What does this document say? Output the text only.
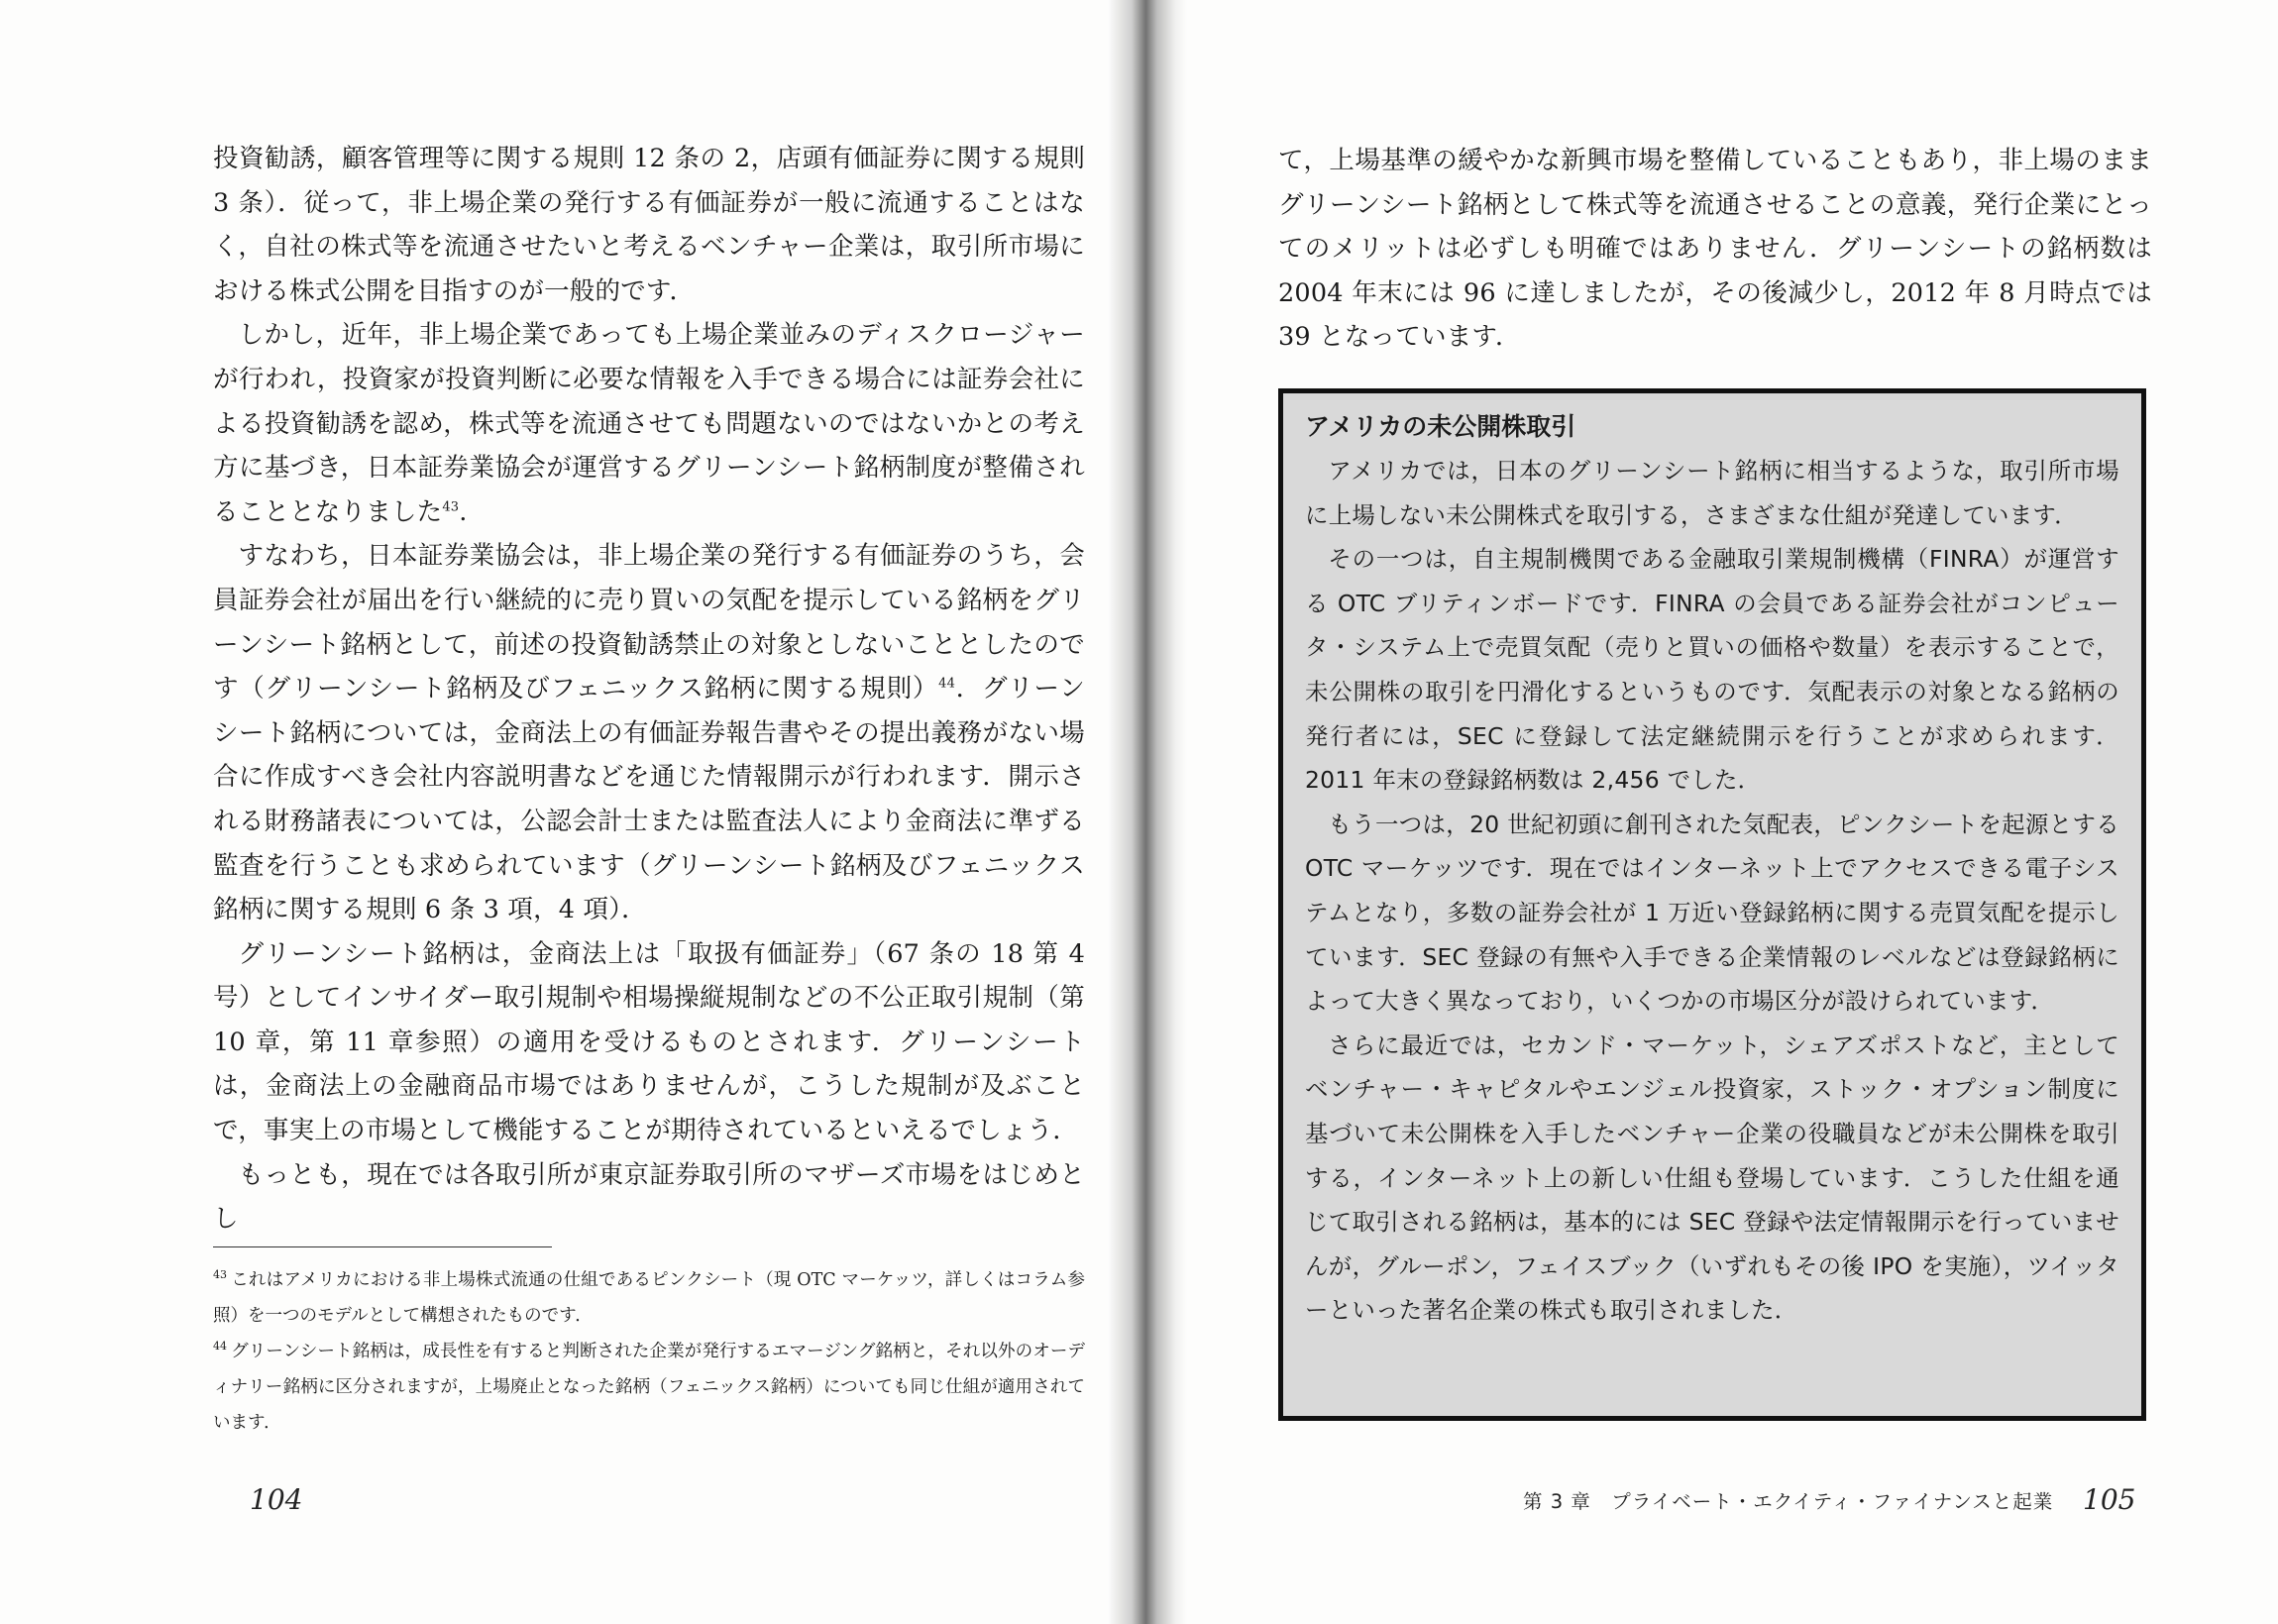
投資勧誘，顧客管理等に関する規則 12 条の 2，店頭有価証券に関する規則 3 条）．従って，非上場企業の発行する有価証券が一般に流通することはなく，自社の株式等を流通させたいと考えるベンチャー企業は，取引所市場における株式公開を目指すのが一般的です．

しかし，近年，非上場企業であっても上場企業並みのディスクロージャーが行われ，投資家が投資判断に必要な情報を入手できる場合には証券会社による投資勧誘を認め，株式等を流通させても問題ないのではないかとの考え方に基づき，日本証券業協会が運営するグリーンシート銘柄制度が整備されることとなりました$^{43}$.

すなわち，日本証券業協会は，非上場企業の発行する有価証券のうち，会員証券会社が届出を行い継続的に売り買いの気配を提示している銘柄をグリーンシート銘柄として，前述の投資勧誘禁止の対象としないこととしたのです（グリーンシート銘柄及びフェニックス銘柄に関する規則）$^{44}$．グリーンシート銘柄については，金商法上の有価証券報告書やその提出義務がない場合に作成すべき会社内容説明書などを通じた情報開示が行われます．開示される財務諸表については，公認会計士または監査法人により金商法に準ずる監査を行うことも求められています（グリーンシート銘柄及びフェニックス銘柄に関する規則 6 条 3 項，4 項）．

グリーンシート銘柄は，金商法上は「取扱有価証券」（67 条の 18 第 4 号）としてインサイダー取引規制や相場操縦規制などの不公正取引規制（第 10 章，第 11 章参照）の適用を受けるものとされます．グリーンシートは，金商法上の金融商品市場ではありませんが，こうした規制が及ぶことで，事実上の市場として機能することが期待されているといえるでしょう．

もっとも，現在では各取引所が東京証券取引所のマザーズ市場をはじめとし

$^{43}$ これはアメリカにおける非上場株式流通の仕組であるピンクシート（現 OTC マーケッツ，詳しくはコラム参照）を一つのモデルとして構想されたものです．

$^{44}$ グリーンシート銘柄は，成長性を有すると判断された企業が発行するエマージング銘柄と，それ以外のオーディナリー銘柄に区分されますが，上場廃止となった銘柄（フェニックス銘柄）についても同じ仕組が適用されています．

104

て，上場基準の緩やかな新興市場を整備していることもあり，非上場のままグリーンシート銘柄として株式等を流通させることの意義，発行企業にとってのメリットは必ずしも明確ではありません．グリーンシートの銘柄数は 2004 年末には 96 に達しましたが，その後減少し，2012 年 8 月時点では 39 となっています．

アメリカの未公開株取引

アメリカでは，日本のグリーンシート銘柄に相当するような，取引所市場に上場しない未公開株式を取引する，さまざまな仕組が発達しています．

その一つは，自主規制機関である金融取引業規制機構（FINRA）が運営する OTC ブリティンボードです．FINRA の会員である証券会社がコンピュータ・システム上で売買気配（売りと買いの価格や数量）を表示することで，未公開株の取引を円滑化するというものです．気配表示の対象となる銘柄の発行者には，SEC に登録して法定継続開示を行うことが求められます．2011 年末の登録銘柄数は 2,456 でした．

もう一つは，20 世紀初頭に創刊された気配表，ピンクシートを起源とする OTC マーケッツです．現在ではインターネット上でアクセスできる電子システムとなり，多数の証券会社が 1 万近い登録銘柄に関する売買気配を提示しています．SEC 登録の有無や入手できる企業情報のレベルなどは登録銘柄によって大きく異なっており，いくつかの市場区分が設けられています．

さらに最近では，セカンド・マーケット，シェアズポストなど，主としてベンチャー・キャピタルやエンジェル投資家，ストック・オプション制度に基づいて未公開株を入手したベンチャー企業の役職員などが未公開株を取引する，インターネット上の新しい仕組も登場しています．こうした仕組を通じて取引される銘柄は，基本的には SEC 登録や法定情報開示を行っていませんが，グルーポン，フェイスブック（いずれもその後 IPO を実施），ツイッターといった著名企業の株式も取引されました．

第 3 章　プライベート・エクイティ・ファイナンスと起業 105
